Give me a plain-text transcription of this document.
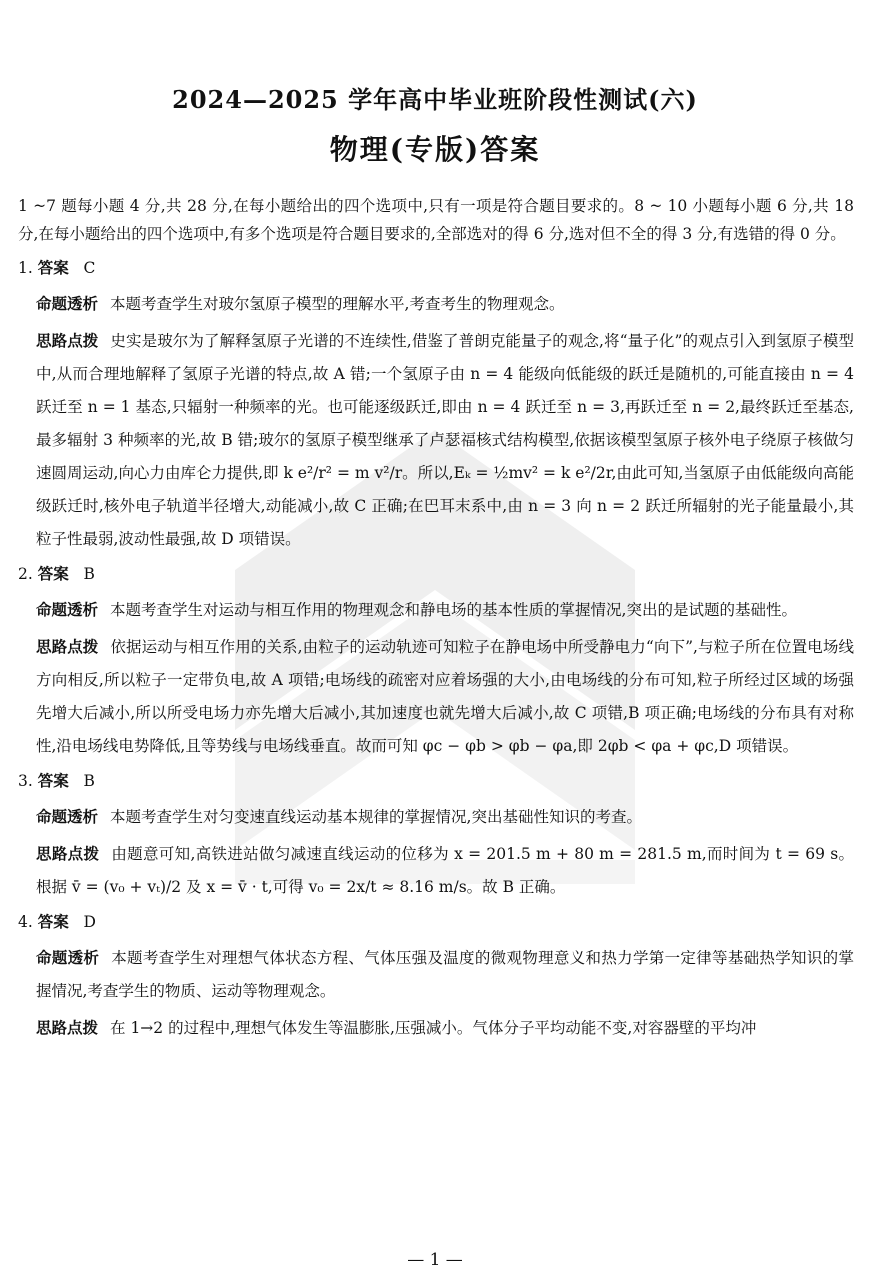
2024—2025 学年高中毕业班阶段性测试(六)
物理(专版)答案

1 ~7 题每小题 4 分,共 28 分,在每小题给出的四个选项中,只有一项是符合题目要求的。8 ~ 10 小题每小题 6 分,共 18 分,在每小题给出的四个选项中,有多个选项是符合题目要求的,全部选对的得 6 分,选对但不全的得 3 分,有选错的得 0 分。

1. 答案 C
命题透析 本题考查学生对玻尔氢原子模型的理解水平,考查考生的物理观念。
思路点拨 史实是玻尔为了解释氢原子光谱的不连续性,借鉴了普朗克能量子的观念,将“量子化”的观点引入到氢原子模型中,从而合理地解释了氢原子光谱的特点,故 A 错;一个氢原子由 n = 4 能级向低能级的跃迁是随机的,可能直接由 n = 4 跃迁至 n = 1 基态,只辐射一种频率的光。也可能逐级跃迁,即由 n = 4 跃迁至 n = 3,再跃迁至 n = 2,最终跃迁至基态,最多辐射 3 种频率的光,故 B 错;玻尔的氢原子模型继承了卢瑟福核式结构模型,依据该模型氢原子核外电子绕原子核做匀速圆周运动,向心力由库仑力提供,即 k e²/r² = m v²/r。所以,Eₖ = ½mv² = k e²/2r,由此可知,当氢原子由低能级向高能级跃迁时,核外电子轨道半径增大,动能减小,故 C 正确;在巴耳末系中,由 n = 3 向 n = 2 跃迁所辐射的光子能量最小,其粒子性最弱,波动性最强,故 D 项错误。
2. 答案 B
命题透析 本题考查学生对运动与相互作用的物理观念和静电场的基本性质的掌握情况,突出的是试题的基础性。
思路点拨 依据运动与相互作用的关系,由粒子的运动轨迹可知粒子在静电场中所受静电力“向下”,与粒子所在位置电场线方向相反,所以粒子一定带负电,故 A 项错;电场线的疏密对应着场强的大小,由电场线的分布可知,粒子所经过区域的场强先增大后减小,所以所受电场力亦先增大后减小,其加速度也就先增大后减小,故 C 项错,B 项正确;电场线的分布具有对称性,沿电场线电势降低,且等势线与电场线垂直。故而可知 φc − φb > φb − φa,即 2φb < φa + φc,D 项错误。
3. 答案 B
命题透析 本题考查学生对匀变速直线运动基本规律的掌握情况,突出基础性知识的考查。
思路点拨 由题意可知,高铁进站做匀减速直线运动的位移为 x = 201.5 m + 80 m = 281.5 m,而时间为 t = 69 s。根据 v̄ = (v₀ + vₜ)/2 及 x = v̄ · t,可得 v₀ = 2x/t ≈ 8.16 m/s。故 B 正确。
4. 答案 D
命题透析 本题考查学生对理想气体状态方程、气体压强及温度的微观物理意义和热力学第一定律等基础热学知识的掌握情况,考查学生的物质、运动等物理观念。
思路点拨 在 1→2 的过程中,理想气体发生等温膨胀,压强减小。气体分子平均动能不变,对容器壁的平均冲
— 1 —
